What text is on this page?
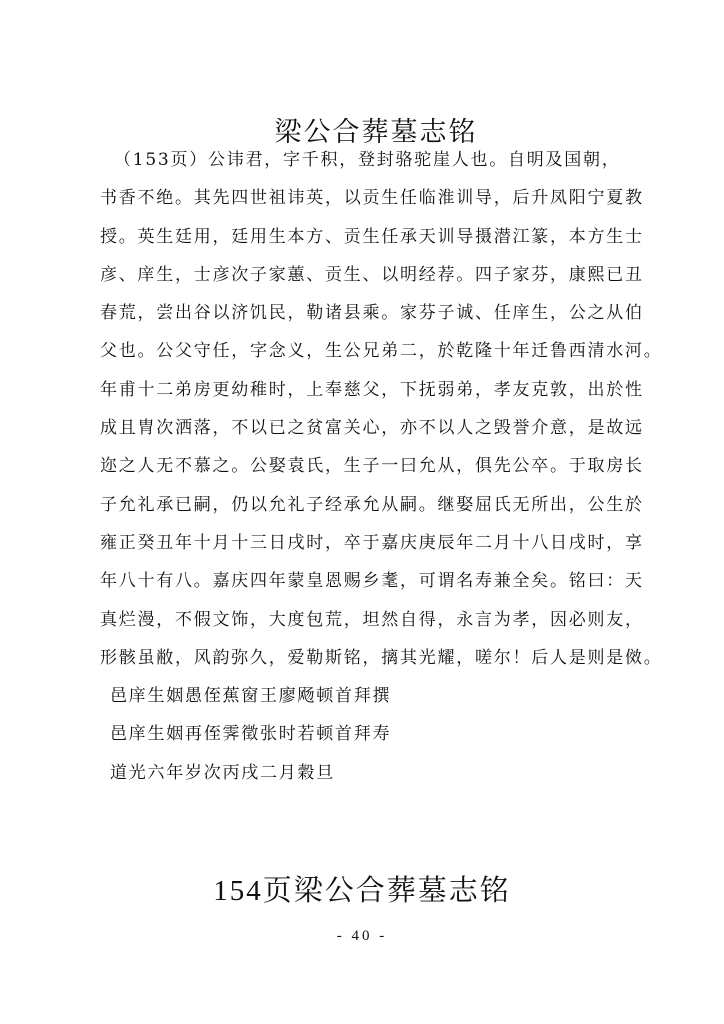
梁公合葬墓志铭
（153页）公讳君，字千积，登封骆驼崖人也。自明及国朝，
书香不绝。其先四世祖讳英，以贡生任临淮训导，后升凤阳宁夏教
授。英生廷用，廷用生本方、贡生任承天训导摄潜江篆，本方生士
彦、庠生，士彦次子家蕙、贡生、以明经荐。四子家芬，康熙已丑
春荒，尝出谷以济饥民，勒诸县乘。家芬子诚、任庠生，公之从伯
父也。公父守任，字念义，生公兄弟二，於乾隆十年迁鲁西清水河。
年甫十二弟房更幼稚时，上奉慈父，下抚弱弟，孝友克敦，出於性
成且胄次洒落，不以已之贫富关心，亦不以人之毁誉介意，是故远
迩之人无不慕之。公娶袁氏，生子一曰允从，俱先公卒。于取房长
子允礼承已嗣，仍以允礼子经承允从嗣。继娶屈氏无所出，公生於
雍正癸丑年十月十三日戌时，卒于嘉庆庚辰年二月十八日戌时，享
年八十有八。嘉庆四年蒙皇恩赐乡耄，可谓名寿兼全矣。铭曰：天
真烂漫，不假文饰，大度包荒，坦然自得，永言为孝，因必则友，
形骸虽敝，风韵弥久，爱勒斯铭，摛其光耀，嗟尔！后人是则是傚。
邑庠生姻愚侄蕉窗王廖飏顿首拜撰
邑庠生姻再侄霁徵张时若顿首拜寿
道光六年岁次丙戌二月穀旦
154页梁公合葬墓志铭
- 40 -
